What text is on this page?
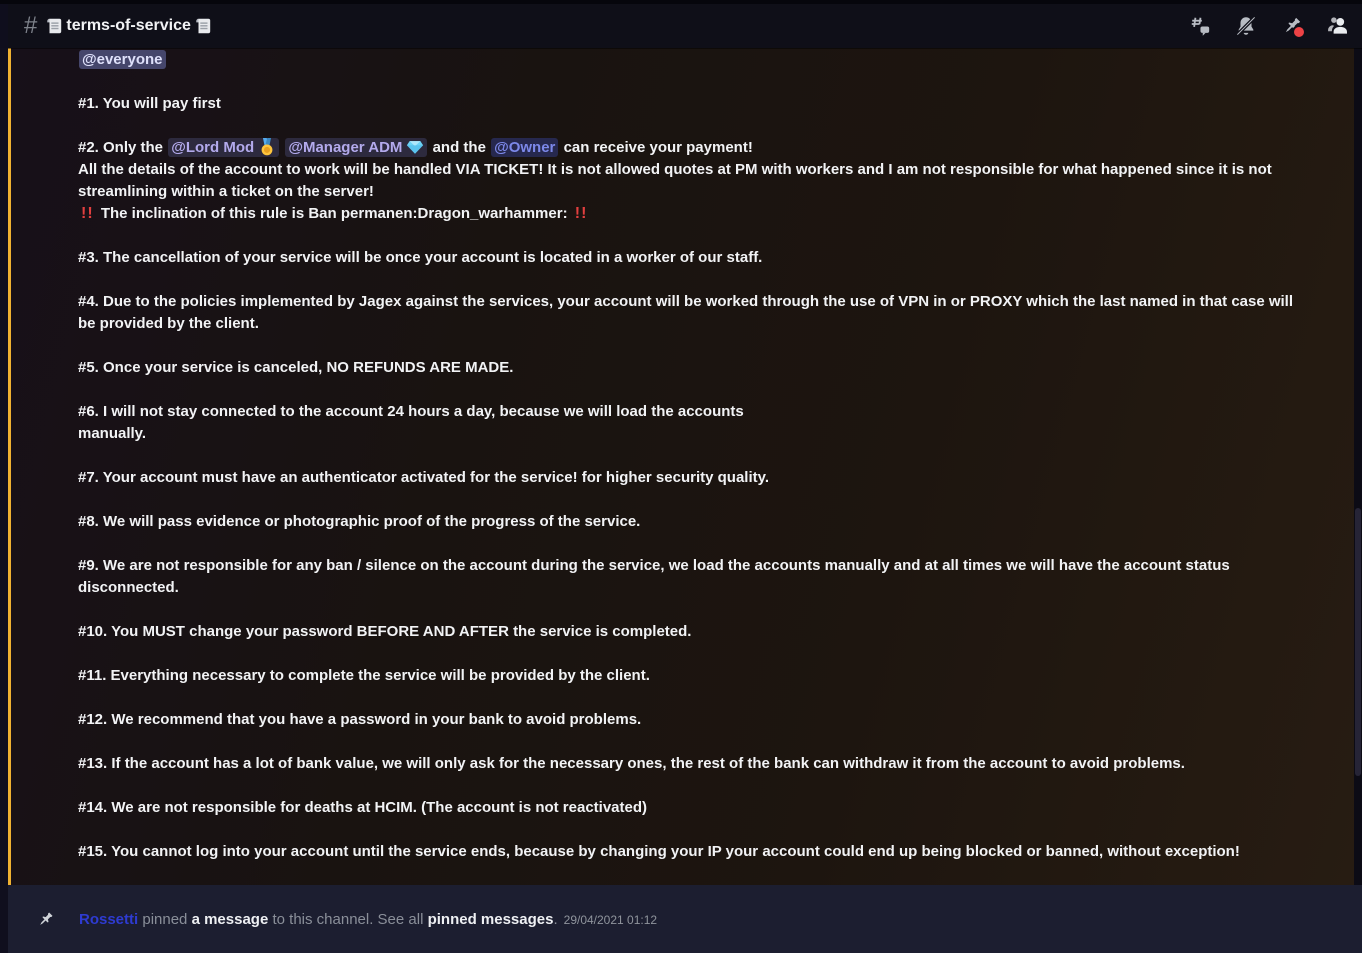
# terms-of-service
@everyone
#1. You will pay first
#2. Only the @Lord Mod @Manager ADM and the @Owner can receive your payment!
All the details of the account to work will be handled VIA TICKET! It is not allowed quotes at PM with workers and I am not responsible for what happened since it is not streamlining within a ticket on the server!
!! The inclination of this rule is Ban permanen:Dragon_warhammer: !!
#3. The cancellation of your service will be once your account is located in a worker of our staff.
#4. Due to the policies implemented by Jagex against the services, your account will be worked through the use of VPN in or PROXY which the last named in that case will be provided by the client.
#5. Once your service is canceled, NO REFUNDS ARE MADE.
#6. I will not stay connected to the account 24 hours a day, because we will load the accounts
manually.
#7. Your account must have an authenticator activated for the service! for higher security quality.
#8. We will pass evidence or photographic proof of the progress of the service.
#9. We are not responsible for any ban / silence on the account during the service, we load the accounts manually and at all times we will have the account status disconnected.
#10. You MUST change your password BEFORE AND AFTER the service is completed.
#11. Everything necessary to complete the service will be provided by the client.
#12. We recommend that you have a password in your bank to avoid problems.
#13. If the account has a lot of bank value, we will only ask for the necessary ones, the rest of the bank can withdraw it from the account to avoid problems.
#14. We are not responsible for deaths at HCIM. (The account is not reactivated)
#15. You cannot log into your account until the service ends, because by changing your IP your account could end up being blocked or banned, without exception!
Rossetti pinned a message to this channel. See all pinned messages. 29/04/2021 01:12
